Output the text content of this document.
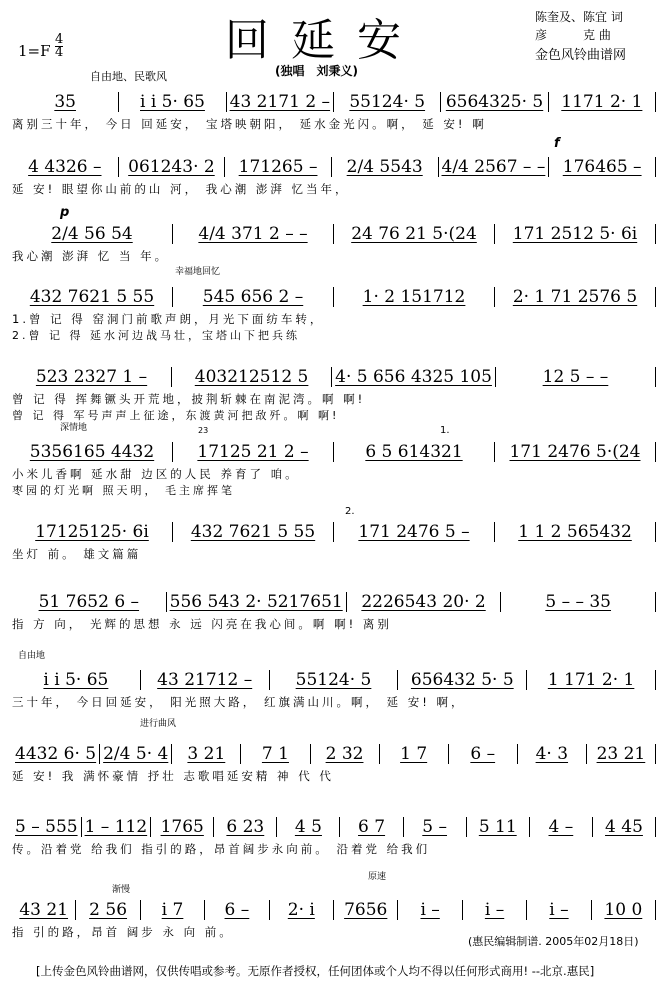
回延安
1=F
4
4
(独唱　刘秉义)
自由地、民歌风
陈奎及、陈宜 词
彦　　　克 曲
金色风铃曲谱网
35	i i 5· 65	43 2171 2 –	55124· 5	6564325· 5	1171 2· 1
离别三十年， 今日 回延安， 宝塔映朝阳， 延水金光闪。啊， 延 安! 啊
4 4326 –	061243· 2	171265 –	2/4 5543	4/4 2567 – –	176465 –
延 安! 眼望你山前的山 河， 我心潮 澎湃 忆当年，
2/4 56 54	4/4 371 2 – –	24 76 21 5·(24	171 2512 5· 6i
我心潮 澎湃 忆 当 年。
432 7621 5 55	545 656 2 –	1· 2 151712	2· 1 71 2576 5
1.曾 记 得 窑洞门前歌声朗，月光下面纺车转，
2.曾 记 得 延水河边战马壮，宝塔山下把兵练
523 2327 1 –	403212512 5	4· 5 656 4325 105	12 5 – –
曾 记 得 挥舞镢头开荒地，披荆斩棘在南泥湾。啊 啊!
曾 记 得 军号声声上征途，东渡黄河把敌歼。啊 啊!
5356165 4432	17125 21 2 –	6 5 614321	171 2476 5·(24
小米儿香啊 延水甜 边区的人民 养育了 咱。
枣园的灯光啊 照天明， 毛主席挥笔
17125125· 6i	432 7621 5 55	171 2476 5 –	1 1 2 565432
坐灯 前。 雄文篇篇
51 7652 6 –	556 543 2· 5217651	2226543 20· 2	5 – – 35
指 方 向， 光辉的思想 永 远 闪亮在我心间。啊 啊! 离别
i i 5· 65	43 21712 –	55124· 5	656432 5· 5	1 171 2· 1
三十年， 今日回延安， 阳光照大路， 红旗满山川。啊， 延 安! 啊，
4432 6· 5 2/4 5· 4	3 21	7 1	2 32	1 7	6 –	4· 3	23 21
延 安! 我 满怀豪情 抒壮 志歌唱延安精 神 代 代
5 – 555 1 – 112 1765	6 23	4 5	6 7	5 –	5 11	4 –	4 45
传。沿着党 给我们 指引的路，昂首阔步永向前。 沿着党 给我们
43 21	2 56	i 7	6 –	2· i	7656	i –	i –	i –	10 0
指 引的路，昂首 阔步 永 向 前。
深情地
幸福地回忆
进行曲风
原速
渐慢
自由地
f
p
23	1.
2.
(惠民编辑制谱. 2005年02月18日)
[上传金色风铃曲谱网，仅供传唱或参考。无原作者授权，任何团体或个人均不得以任何形式商用! --北京.惠民]
